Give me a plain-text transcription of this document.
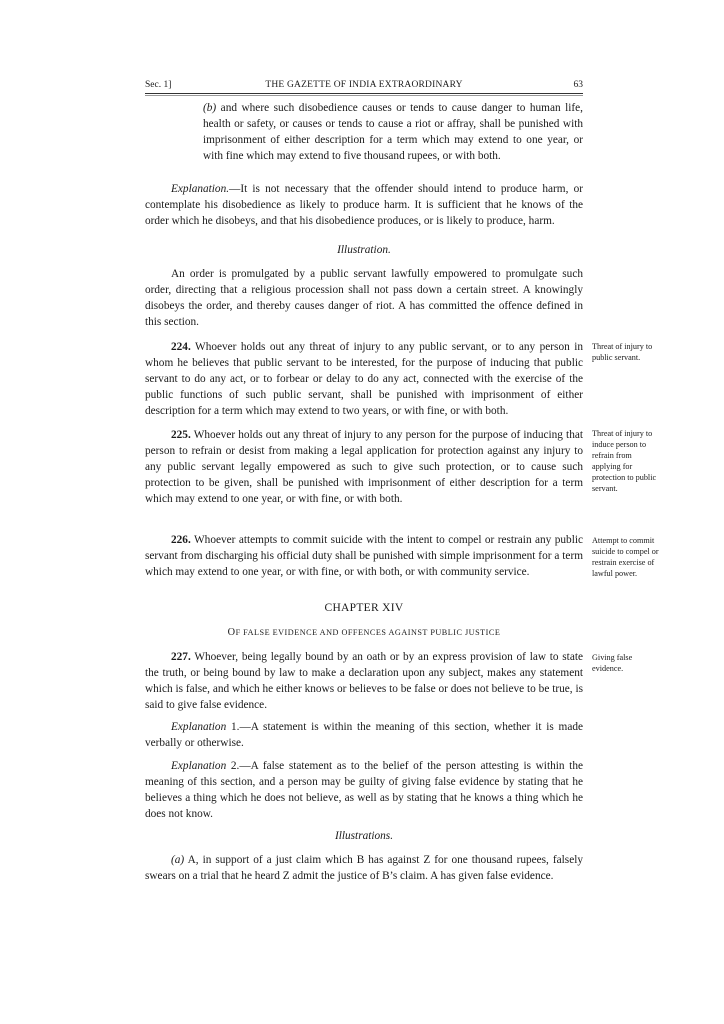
Sec. 1]	THE GAZETTE OF INDIA EXTRAORDINARY	63

(b) and where such disobedience causes or tends to cause danger to human life, health or safety, or causes or tends to cause a riot or affray, shall be punished with imprisonment of either description for a term which may extend to one year, or with fine which may extend to five thousand rupees, or with both.

Explanation.—It is not necessary that the offender should intend to produce harm, or contemplate his disobedience as likely to produce harm. It is sufficient that he knows of the order which he disobeys, and that his disobedience produces, or is likely to produce, harm.

Illustration.

An order is promulgated by a public servant lawfully empowered to promulgate such order, directing that a religious procession shall not pass down a certain street. A knowingly disobeys the order, and thereby causes danger of riot. A has committed the offence defined in this section.

224. Whoever holds out any threat of injury to any public servant, or to any person in whom he believes that public servant to be interested, for the purpose of inducing that public servant to do any act, or to forbear or delay to do any act, connected with the exercise of the public functions of such public servant, shall be punished with imprisonment of either description for a term which may extend to two years, or with fine, or with both.

225. Whoever holds out any threat of injury to any person for the purpose of inducing that person to refrain or desist from making a legal application for protection against any injury to any public servant legally empowered as such to give such protection, or to cause such protection to be given, shall be punished with imprisonment of either description for a term which may extend to one year, or with fine, or with both.

226. Whoever attempts to commit suicide with the intent to compel or restrain any public servant from discharging his official duty shall be punished with simple imprisonment for a term which may extend to one year, or with fine, or with both, or with community service.

CHAPTER XIV
OF FALSE EVIDENCE AND OFFENCES AGAINST PUBLIC JUSTICE

227. Whoever, being legally bound by an oath or by an express provision of law to state the truth, or being bound by law to make a declaration upon any subject, makes any statement which is false, and which he either knows or believes to be false or does not believe to be true, is said to give false evidence.

Explanation 1.—A statement is within the meaning of this section, whether it is made verbally or otherwise.

Explanation 2.—A false statement as to the belief of the person attesting is within the meaning of this section, and a person may be guilty of giving false evidence by stating that he believes a thing which he does not believe, as well as by stating that he knows a thing which he does not know.

Illustrations.

(a) A, in support of a just claim which B has against Z for one thousand rupees, falsely swears on a trial that he heard Z admit the justice of B’s claim. A has given false evidence.

Threat of injury to public servant.
Threat of injury to induce person to refrain from applying for protection to public servant.
Attempt to commit suicide to compel or restrain exercise of lawful power.
Giving false evidence.
